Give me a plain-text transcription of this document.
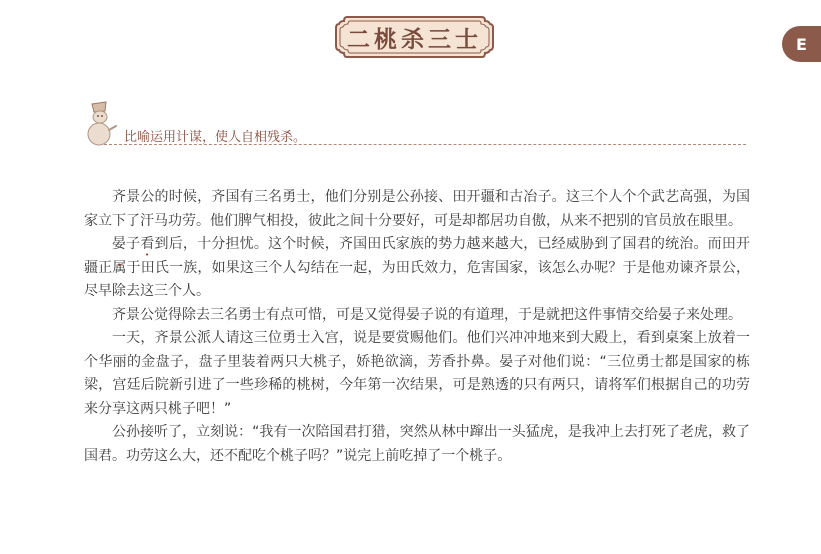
二桃杀三士	E
比喻运用计谋，使人自相残杀。

齐景公的时候，齐国有三名勇士，他们分别是公孙接、田开疆和古冶子。这三个人个个武艺高强，为国家立下了汗马功劳。他们脾气相投，彼此之间十分要好，可是却都居功自傲，从来不把别的官员放在眼里。

晏子 • •看到后，十分担忧。这个时候，齐国田氏家族的势力越来越大，已经威胁到了国君的统治。而田开疆正属于田氏一族，如果这三个人勾结在一起，为田氏效力，危害国家，该怎么办呢？于是他劝谏齐景公，尽早除去这三个人。

齐景公觉得除去三名勇士有点可惜，可是又觉得晏子说的有道理，于是就把这件事情交给晏子来处理。

一天，齐景公派人请这三位勇士入宫，说是要赏赐他们。他们兴冲冲地来到大殿上，看到桌案上放着一个华丽的金盘子，盘子里装着两只大桃子，娇艳欲滴，芳香扑鼻。晏子对他们说：“三位勇士都是国家的栋梁，宫廷后院新引进了一些珍稀的桃树，今年第一次结果，可是熟透的只有两只，请将军们根据自己的功劳来分享这两只桃子吧！”

公孙接听了，立刻说：“我有一次陪国君打猎，突然从林中蹿出一头猛虎，是我冲上去打死了老虎，救了国君。功劳这么大，还不配吃个桃子吗？”说完上前吃掉了一个桃子。
